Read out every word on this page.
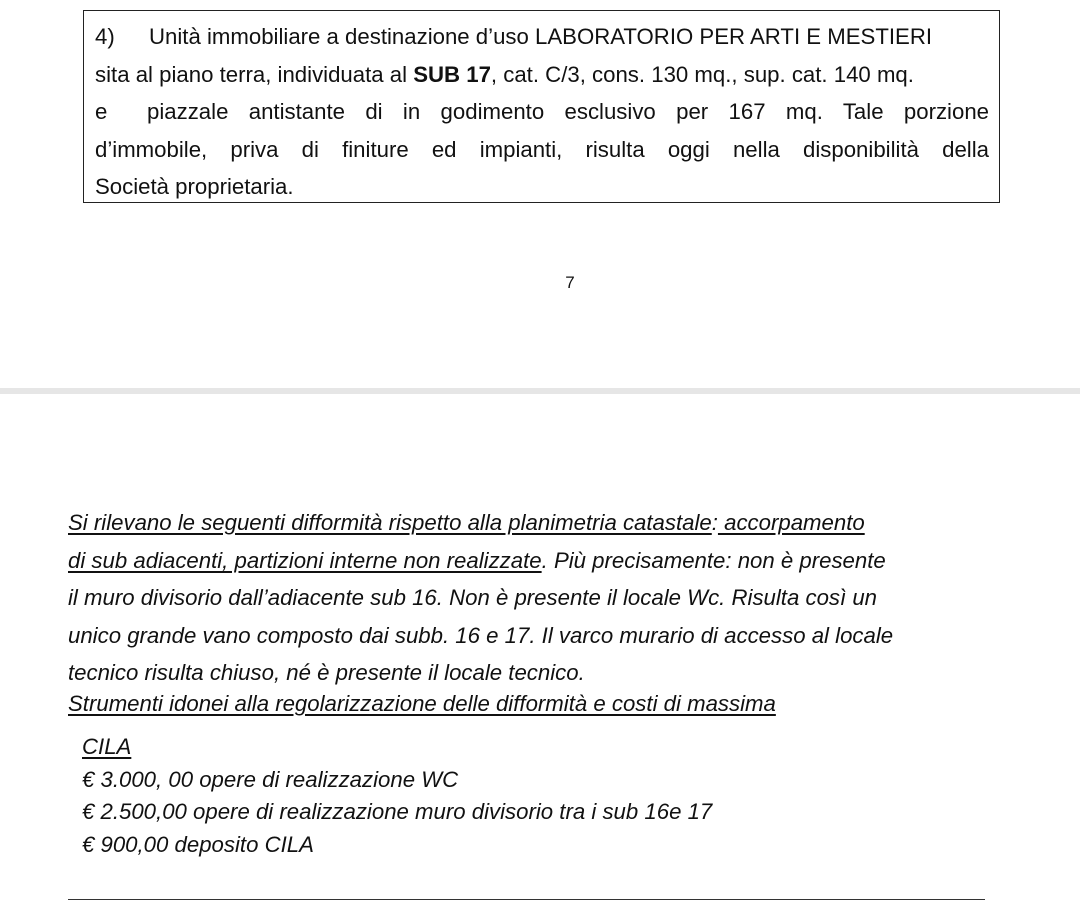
4) Unità immobiliare a destinazione d’uso LABORATORIO PER ARTI E MESTIERI
sita al piano terra, individuata al SUB 17, cat. C/3, cons. 130 mq., sup. cat. 140 mq.
e piazzale antistante di in godimento esclusivo per 167 mq. Tale porzione
d’immobile, priva di finiture ed impianti, risulta oggi nella disponibilità della
Società proprietaria.
7
Si rilevano le seguenti difformità rispetto alla planimetria catastale: accorpamento
di sub adiacenti, partizioni interne non realizzate. Più precisamente: non è presente
il muro divisorio dall’adiacente sub 16. Non è presente il locale Wc. Risulta così un
unico grande vano composto dai subb. 16 e 17. Il varco murario di accesso al locale
tecnico risulta chiuso, né è presente il locale tecnico.
Strumenti idonei alla regolarizzazione delle difformità e costi di massima
CILA
€ 3.000, 00 opere di realizzazione WC
€ 2.500,00 opere di realizzazione muro divisorio tra i sub 16e 17
€ 900,00 deposito CILA
